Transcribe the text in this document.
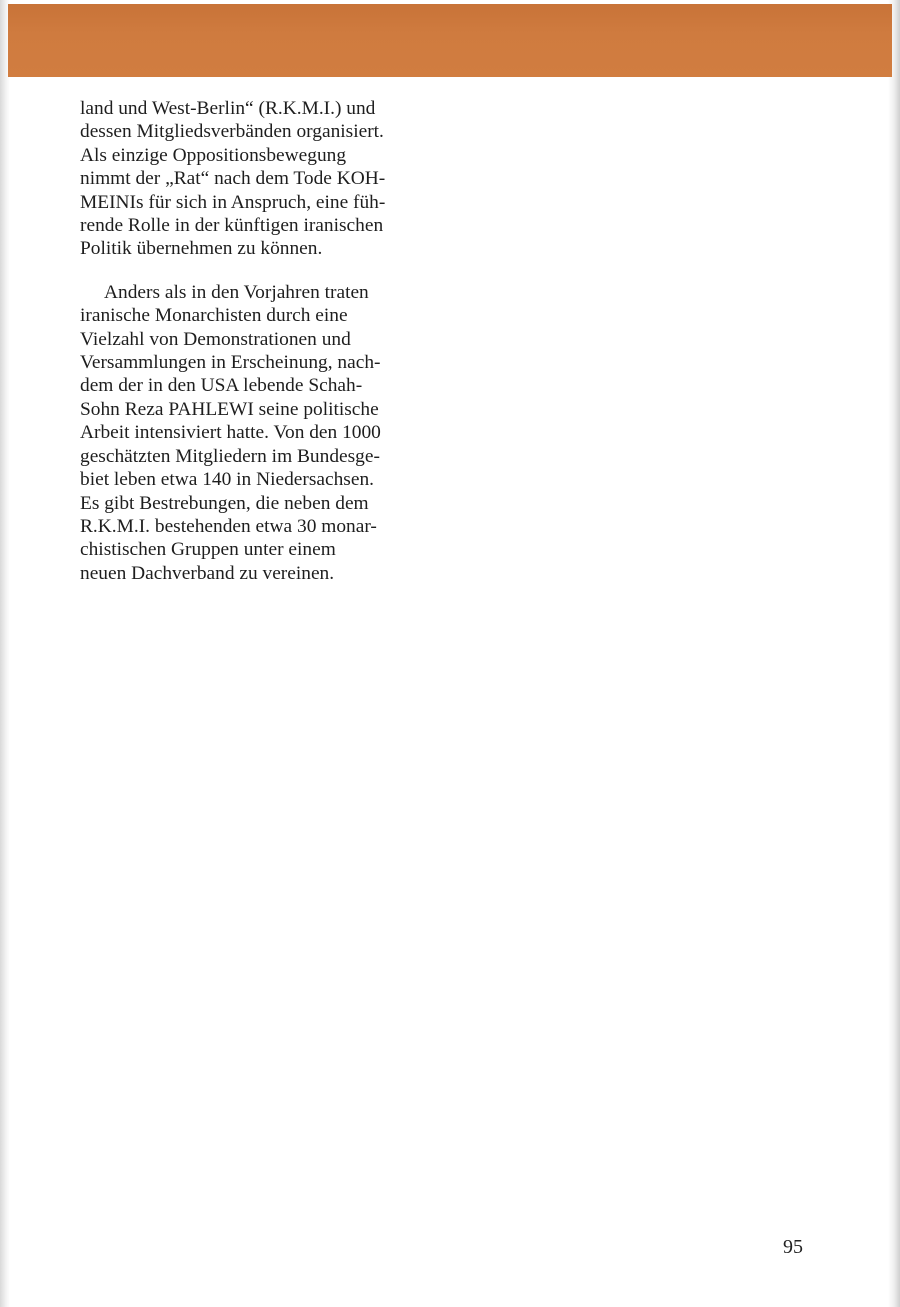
land und West-Berlin“ (R.K.M.I.) und
dessen Mitgliedsverbänden organisiert.
Als einzige Oppositionsbewegung
nimmt der „Rat“ nach dem Tode KOH-
MEINIs für sich in Anspruch, eine füh-
rende Rolle in der künftigen iranischen
Politik übernehmen zu können.

Anders als in den Vorjahren traten
iranische Monarchisten durch eine
Vielzahl von Demonstrationen und
Versammlungen in Erscheinung, nach-
dem der in den USA lebende Schah-
Sohn Reza PAHLEWI seine politische
Arbeit intensiviert hatte. Von den 1000
geschätzten Mitgliedern im Bundesge-
biet leben etwa 140 in Niedersachsen.
Es gibt Bestrebungen, die neben dem
R.K.M.I. bestehenden etwa 30 monar-
chistischen Gruppen unter einem
neuen Dachverband zu vereinen.

95
